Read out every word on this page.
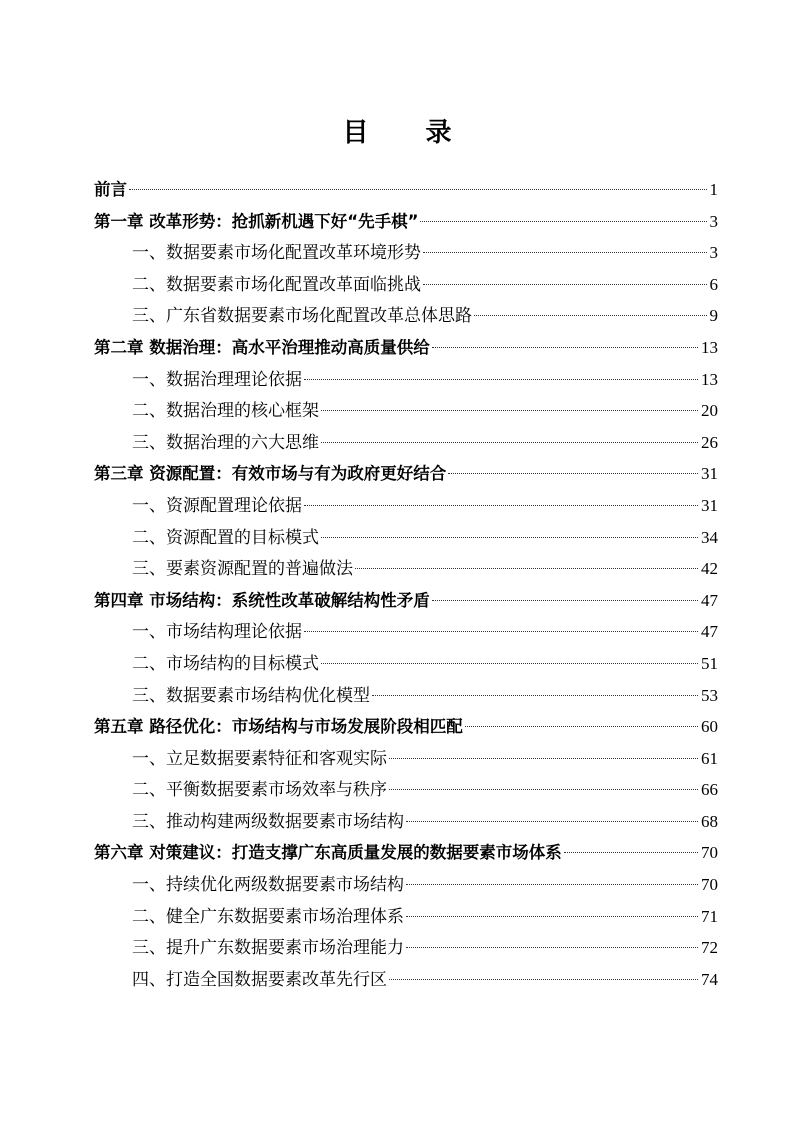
目 录
前言	1
第一章 改革形势：抢抓新机遇下好“先手棋”	3
一、数据要素市场化配置改革环境形势	3
二、数据要素市场化配置改革面临挑战	6
三、广东省数据要素市场化配置改革总体思路	9
第二章 数据治理：高水平治理推动高质量供给	13
一、数据治理理论依据	13
二、数据治理的核心框架	20
三、数据治理的六大思维	26
第三章 资源配置：有效市场与有为政府更好结合	31
一、资源配置理论依据	31
二、资源配置的目标模式	34
三、要素资源配置的普遍做法	42
第四章 市场结构：系统性改革破解结构性矛盾	47
一、市场结构理论依据	47
二、市场结构的目标模式	51
三、数据要素市场结构优化模型	53
第五章 路径优化：市场结构与市场发展阶段相匹配	60
一、立足数据要素特征和客观实际	61
二、平衡数据要素市场效率与秩序	66
三、推动构建两级数据要素市场结构	68
第六章 对策建议：打造支撑广东高质量发展的数据要素市场体系	70
一、持续优化两级数据要素市场结构	70
二、健全广东数据要素市场治理体系	71
三、提升广东数据要素市场治理能力	72
四、打造全国数据要素改革先行区	74
